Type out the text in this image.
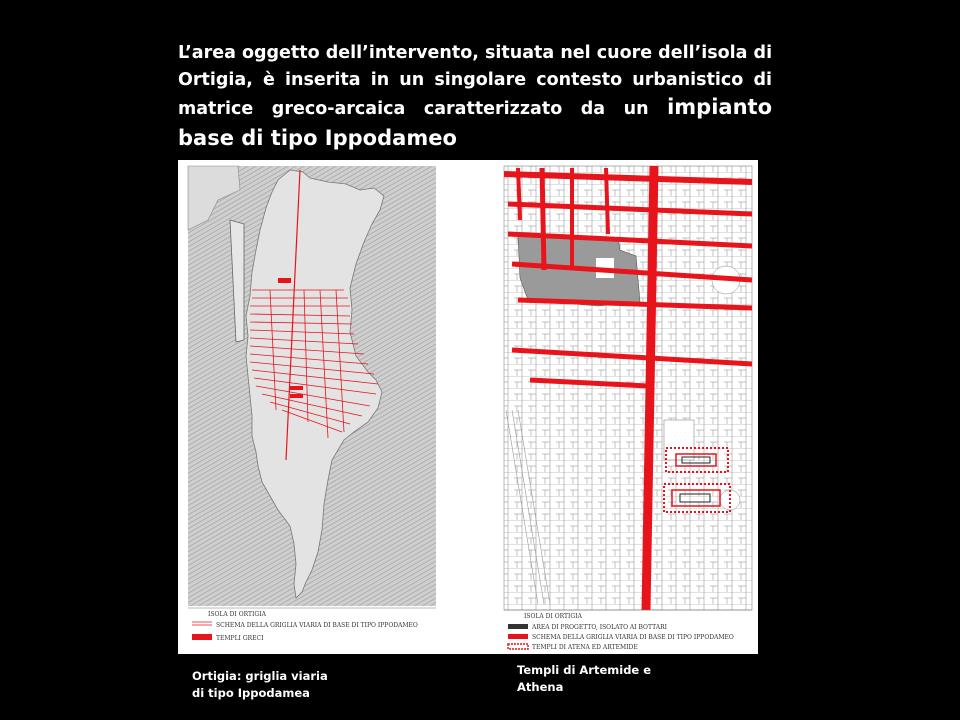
L’area oggetto dell’intervento, situata nel cuore dell’isola di
Ortigia, è inserita in un singolare contesto urbanistico di
matrice greco-arcaica caratterizzato da un impianto
base di tipo Ippodameo
ISOLA DI ORTIGIA
SCHEMA DELLA GRIGLIA VIARIA DI BASE DI TIPO IPPODAMEO
TEMPLI GRECI
ISOLA DI ORTIGIA
AREA DI PROGETTO, ISOLATO AI BOTTARI
SCHEMA DELLA GRIGLIA VIARIA DI BASE DI TIPO IPPODAMEO
TEMPLI DI ATENA ED ARTEMIDE
Ortigia: griglia viaria
di tipo Ippodamea
Templi di Artemide e
Athena
